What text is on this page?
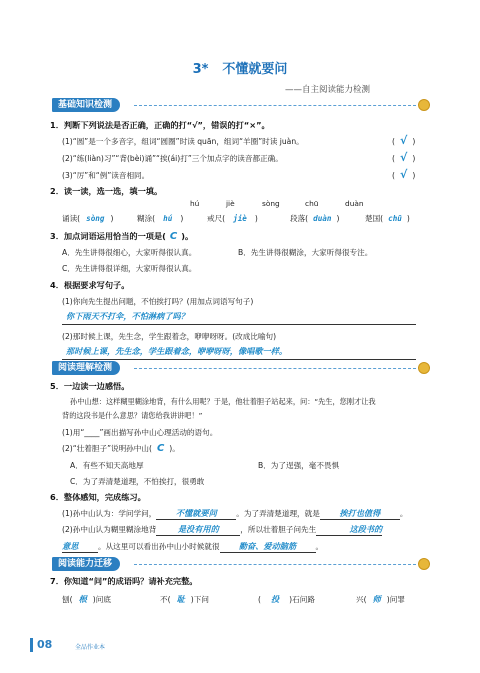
3* 不懂就要问
——自主阅读能力检测
基础知识检测
1．判断下列说法是否正确，正确的打“√”，错误的打“×”。
(1)“圆”是一个多音字，组词“圆圈”时读 quān，组词“羊圈”时读 juàn。	( √ )
(2)“练(liàn)习”“背(bèi)诵”“挨(ái)打”三个加点字的读音都正确。	( √ )
(3)“厉”和“例”读音相同。	( √ )
2．读一读，选一选，填一填。
hú	jiè	sòng	chū	duàn
诵读( sòng )	糊涂( hú )	戒尺( jiè )	段落( duàn )	楚国( chū )
3．加点词语运用恰当的一项是( C )。
A．先生讲得很细心，大家听得很认真。	B．先生讲得很糊涂，大家听得很专注。
C．先生讲得很详细，大家听得很认真。
4．根据要求写句子。
(1)你向先生提出问题，不怕挨打吗？(用加点词语写句子)
你下雨天不打伞，不怕淋病了吗？
(2)那时候上课，先生念，学生跟着念，咿咿呀呀。(改成比喻句)
那时候上课，先生念，学生跟着念，咿咿呀呀，像唱歌一样。
阅读理解检测
5．一边读一边感悟。
孙中山想：这样糊里糊涂地背，有什么用呢？于是，他壮着胆子站起来，问：“先生，您刚才让我
背的这段书是什么意思？请您给我讲讲吧！”
(1)用“____”画出描写孙中山心理活动的语句。
(2)“壮着胆子”说明孙中山( C )。
A．有些不知天高地厚	B．为了逞强，毫不畏惧
C．为了弄清楚道理，不怕挨打，很勇敢
6．整体感知，完成练习。
(1)孙中山认为：学问学问， 不懂就要问	。为了弄清楚道理，就是 挨打也值得	。
(2)孙中山认为糊里糊涂地背	是没有用的	，所以壮着胆子问先生	这段书的
意思	。从这里可以看出孙中山小时候就很 勤奋、爱动脑筋	。
阅读能力迁移
7．你知道“问”的成语吗？请补充完整。
刨( 根 )问底	不( 耻 )下问	( 投 )石问路	兴( 师 )问罪
08	全品作业本
